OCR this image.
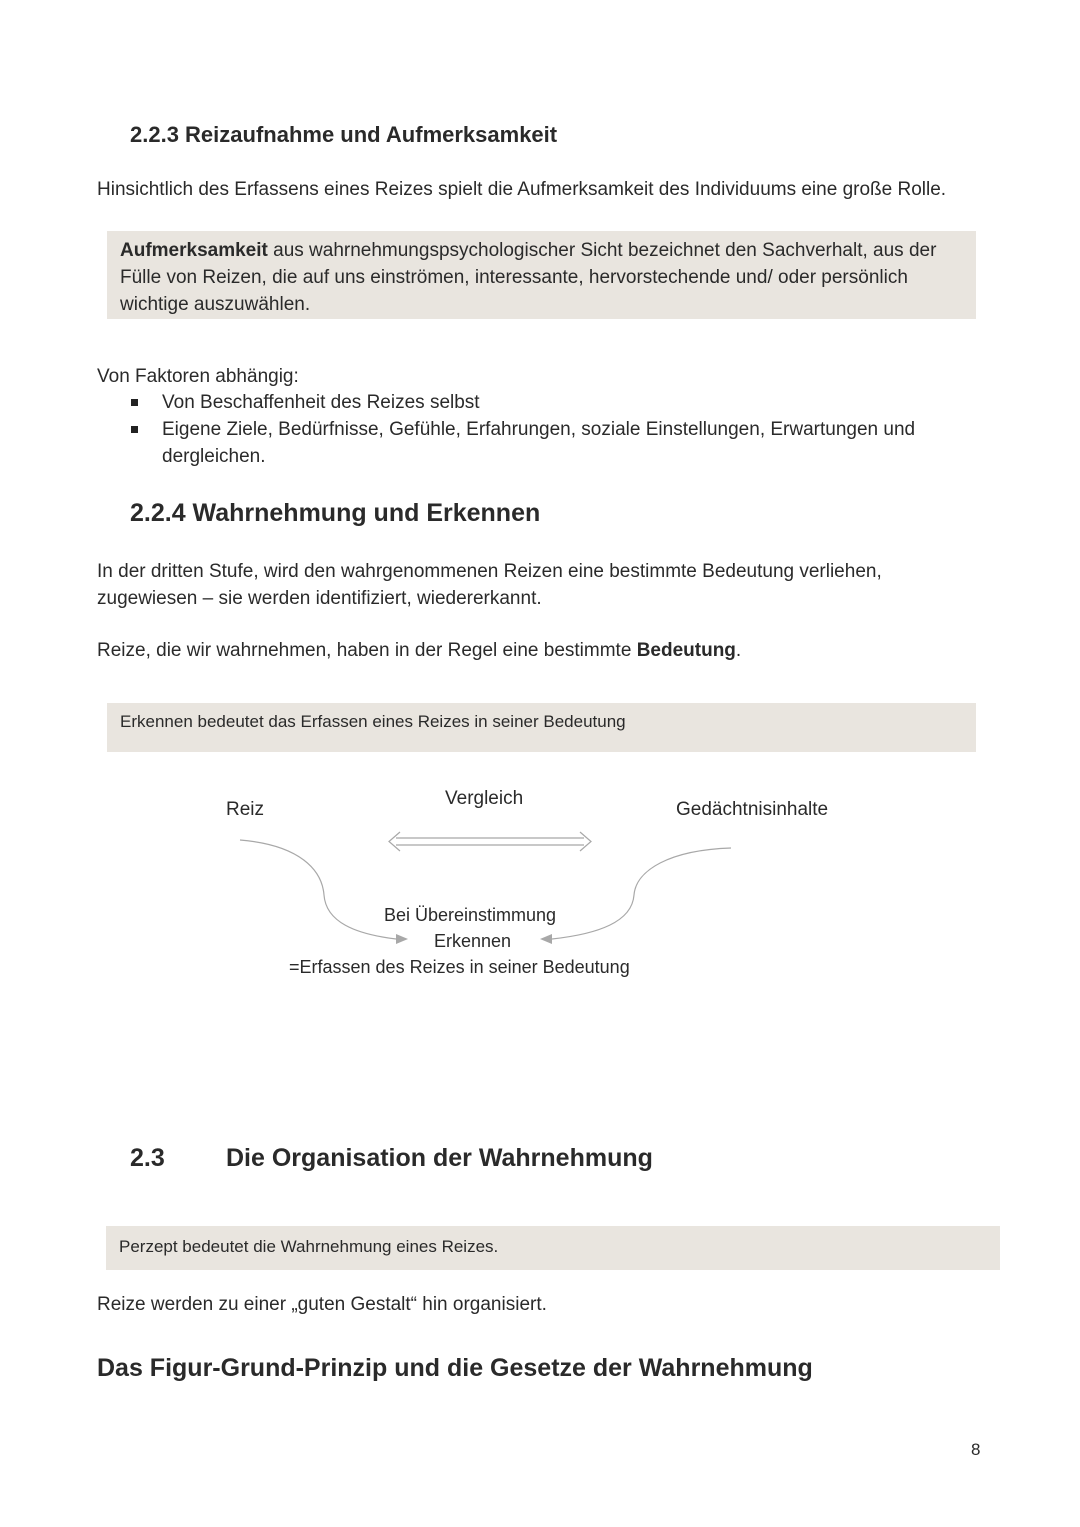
2.2.3 Reizaufnahme und Aufmerksamkeit
Hinsichtlich des Erfassens eines Reizes spielt die Aufmerksamkeit des Individuums eine große Rolle.
Aufmerksamkeit aus wahrnehmungspsychologischer Sicht bezeichnet den Sachverhalt, aus der Fülle von Reizen, die auf uns einströmen, interessante, hervorstechende und/ oder persönlich wichtige auszuwählen.
Von Faktoren abhängig:
Von Beschaffenheit des Reizes selbst
Eigene Ziele, Bedürfnisse, Gefühle, Erfahrungen, soziale Einstellungen, Erwartungen und dergleichen.
2.2.4 Wahrnehmung und Erkennen
In der dritten Stufe, wird den wahrgenommenen Reizen eine bestimmte Bedeutung verliehen, zugewiesen – sie werden identifiziert, wiedererkannt.
Reize, die wir wahrnehmen, haben in der Regel eine bestimmte Bedeutung.
Erkennen bedeutet das Erfassen eines Reizes in seiner Bedeutung
Reiz
Vergleich
Gedächtnisinhalte
Bei Übereinstimmung
Erkennen
=Erfassen des Reizes in seiner Bedeutung
2.3 Die Organisation der Wahrnehmung
Perzept bedeutet die Wahrnehmung eines Reizes.
Reize werden zu einer „guten Gestalt“ hin organisiert.
Das Figur-Grund-Prinzip und die Gesetze der Wahrnehmung
8
